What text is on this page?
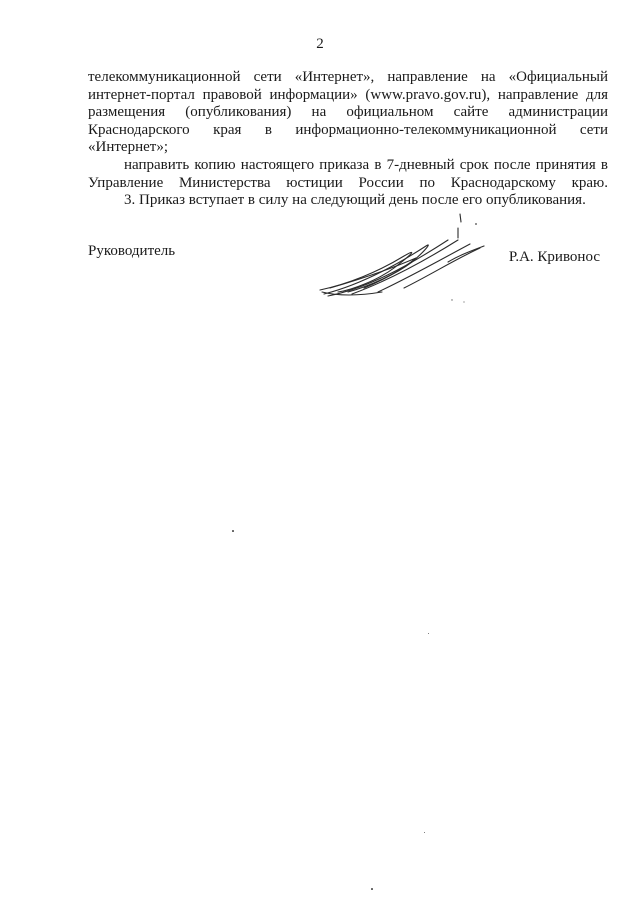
2

телекоммуникационной сети «Интернет», направление на «Официальный интернет-портал правовой информации» (www.pravo.gov.ru), направление для размещения (опубликования) на официальном сайте администрации Краснодарского края в информационно-телекоммуникационной сети «Интернет»;

направить копию настоящего приказа в 7-дневный срок после принятия в Управление Министерства юстиции России по Краснодарскому краю.

3. Приказ вступает в силу на следующий день после его опубликования.

Руководитель	Р.А. Кривонос
